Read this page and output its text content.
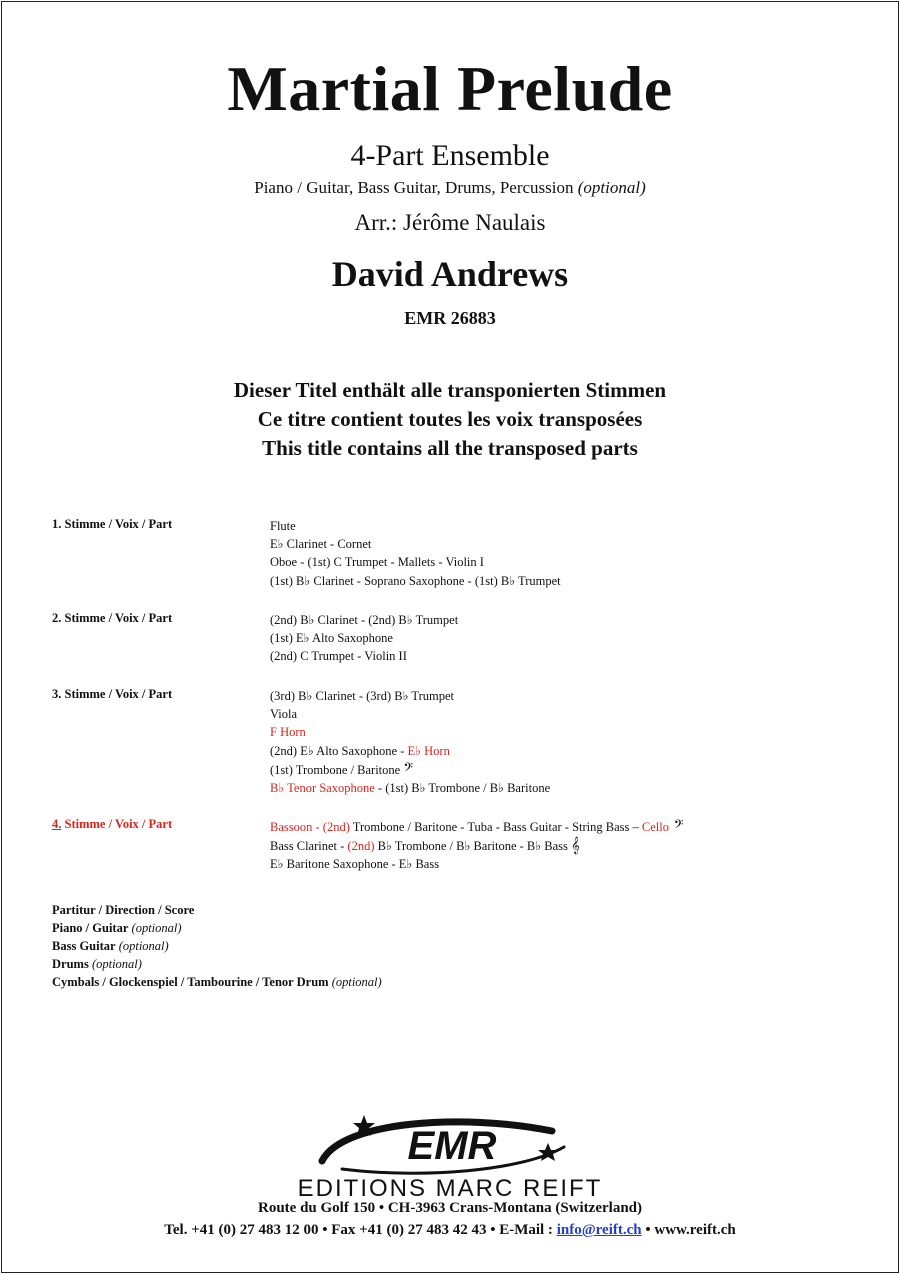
Martial Prelude
4-Part Ensemble
Piano / Guitar, Bass Guitar, Drums, Percussion (optional)
Arr.: Jérôme Naulais
David Andrews
EMR 26883
Dieser Titel enthält alle transponierten Stimmen
Ce titre contient toutes les voix transposées
This title contains all the transposed parts
1. Stimme / Voix / Part	Flute
E♭ Clarinet - Cornet
Oboe - (1st) C Trumpet - Mallets - Violin I
(1st) B♭ Clarinet - Soprano Saxophone - (1st) B♭ Trumpet
2. Stimme / Voix / Part	(2nd) B♭ Clarinet - (2nd) B♭ Trumpet
(1st) E♭ Alto Saxophone
(2nd) C Trumpet - Violin II
3. Stimme / Voix / Part	(3rd) B♭ Clarinet - (3rd) B♭ Trumpet
Viola
F Horn
(2nd) E♭ Alto Saxophone - E♭ Horn
(1st) Trombone / Baritone 𝄢
B♭ Tenor Saxophone - (1st) B♭ Trombone / B♭ Baritone
4. Stimme / Voix / Part	Bassoon - (2nd) Trombone / Baritone - Tuba - Bass Guitar - String Bass – Cello 𝄢
Bass Clarinet - (2nd) B♭ Trombone / B♭ Baritone - B♭ Bass 𝄞
E♭ Baritone Saxophone - E♭ Bass
Partitur / Direction / Score
Piano / Guitar (optional)
Bass Guitar (optional)
Drums (optional)
Cymbals / Glockenspiel / Tambourine / Tenor Drum (optional)
EMR
EDITIONS MARC REIFT
Route du Golf 150 • CH-3963 Crans-Montana (Switzerland)
Tel. +41 (0) 27 483 12 00 • Fax +41 (0) 27 483 42 43 • E-Mail : info@reift.ch • www.reift.ch
